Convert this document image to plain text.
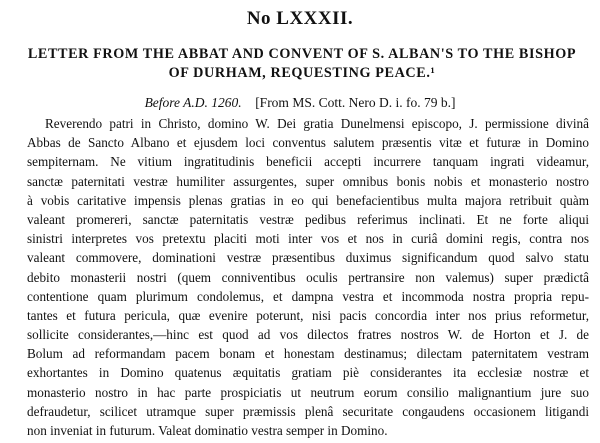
No LXXXII.
LETTER FROM THE ABBAT AND CONVENT OF S. ALBAN'S TO THE BISHOP
OF DURHAM, REQUESTING PEACE.¹
Before A.D. 1260. [From MS. Cott. Nero D. i. fo. 79 b.]
Reverendo patri in Christo, domino W. Dei gratia Dunelmensi episcopo, J. permissione divinâ
Abbas de Sancto Albano et ejusdem loci conventus salutem præsentis vitæ et futuræ in Domino
sempiternam. Ne vitium ingratitudinis beneficii accepti incurrere tanquam ingrati videamur,
sanctæ paternitati vestræ humiliter assurgentes, super omnibus bonis nobis et monasterio nostro
à vobis caritative impensis plenas gratias in eo qui benefacientibus multa majora retribuit quàm
valeant promereri, sanctæ paternitatis vestræ pedibus referimus inclinati. Et ne forte aliqui
sinistri interpretes vos pretextu placiti moti inter vos et nos in curiâ domini regis, contra nos
valeant commovere, dominationi vestræ præsentibus duximus significandum quod salvo statu
debito monasterii nostri (quem conniventibus oculis pertransire non valemus) super prædictâ
contentione quam plurimum condolemus, et dampna vestra et incommoda nostra propria repu-
tantes et futura pericula, quæ evenire poterunt, nisi pacis concordia inter nos prius reformetur,
sollicite considerantes,—hinc est quod ad vos dilectos fratres nostros W. de Horton et J. de
Bolum ad reformandam pacem bonam et honestam destinamus; dilectam paternitatem vestram
exhortantes in Domino quatenus æquitatis gratiam piè considerantes ita ecclesiæ nostræ et
monasterio nostro in hac parte prospiciatis ut neutrum eorum consilio malignantium jure suo
defraudetur, scilicet utramque super præmissis plenâ securitate congaudens occasionem litigandi
non inveniat in futurum. Valeat dominatio vestra semper in Domino.
